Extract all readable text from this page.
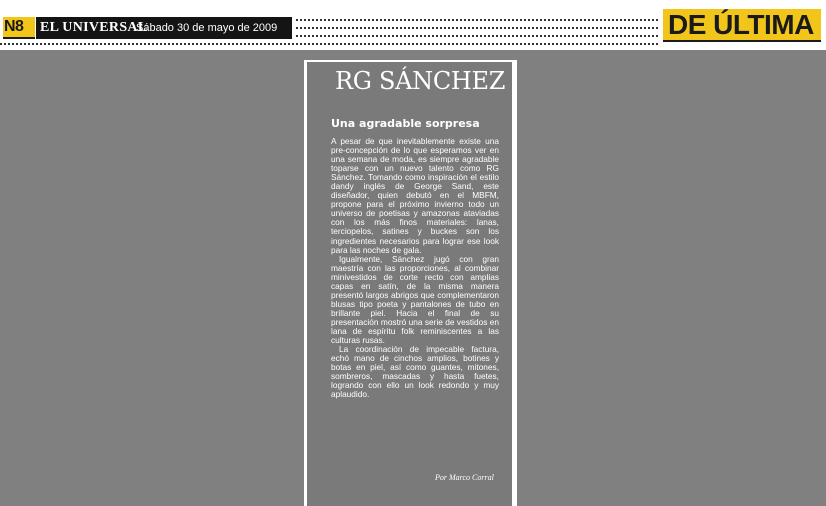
N8 EL UNIVERSAL
Sábado 30 de mayo de 2009	DE ÚLTIMA
RG SÁNCHEZ
Una agradable sorpresa

A pesar de que inevitablemente existe una pre-concepción de lo que esperamos ver en una semana de moda, es siempre agradable toparse con un nuevo talento como RG Sánchez. Tomando como inspiración el estilo dandy inglés de George Sand, este diseñador, quien debutó en el MBFM, propone para el próximo invierno todo un universo de poetisas y amazonas ataviadas con los más finos materiales: lanas, terciopelos, satines y buckes son los ingredientes necesarios para lograr ese look para las noches de gala.

Igualmente, Sánchez jugó con gran maestría con las proporciones, al combinar minivestidos de corte recto con amplias capas en satín, de la misma manera presentó largos abrigos que complementaron blusas tipo poeta y pantalones de tubo en brillante piel. Hacia el final de su presentación mostró una serie de vestidos en lana de espíritu folk reminiscentes a las culturas rusas.

La coordinación de impecable factura, echó mano de cinchos amplios, botines y botas en piel, así como guantes, mitones, sombreros, mascadas y hasta fuetes, logrando con ello un look redondo y muy aplaudido.

Por Marco Corral
